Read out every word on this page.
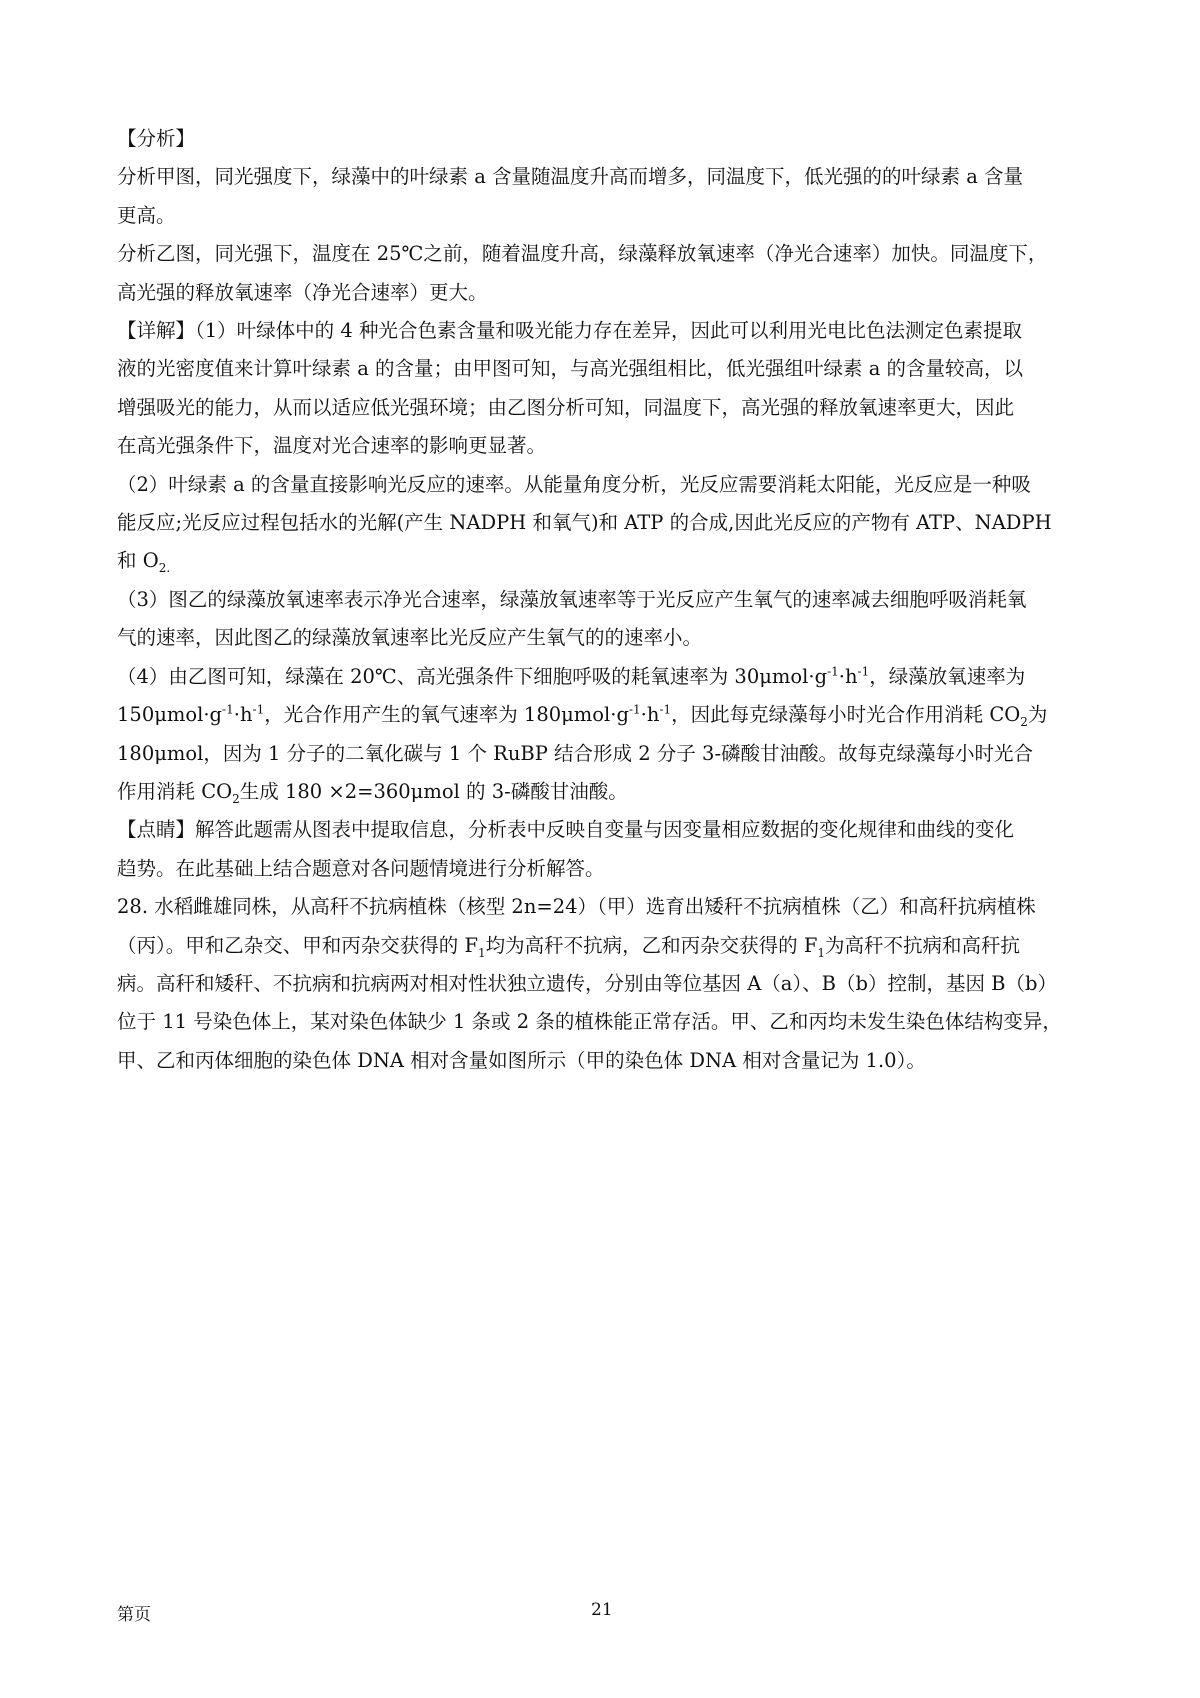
【分析】
分析甲图，同光强度下，绿藻中的叶绿素 a 含量随温度升高而增多，同温度下，低光强的的叶绿素 a 含量
更高。
分析乙图，同光强下，温度在 25℃之前，随着温度升高，绿藻释放氧速率（净光合速率）加快。同温度下，
高光强的释放氧速率（净光合速率）更大。
【详解】（1）叶绿体中的 4 种光合色素含量和吸光能力存在差异，因此可以利用光电比色法测定色素提取
液的光密度值来计算叶绿素 a 的含量；由甲图可知，与高光强组相比，低光强组叶绿素 a 的含量较高，以
增强吸光的能力，从而以适应低光强环境；由乙图分析可知，同温度下，高光强的释放氧速率更大，因此
在高光强条件下，温度对光合速率的影响更显著。
（2）叶绿素 a 的含量直接影响光反应的速率。从能量角度分析，光反应需要消耗太阳能，光反应是一种吸
能反应;光反应过程包括水的光解(产生 NADPH 和氧气)和 ATP 的合成,因此光反应的产物有 ATP、NADPH
和 $O_{2.}$
（3）图乙的绿藻放氧速率表示净光合速率，绿藻放氧速率等于光反应产生氧气的速率减去细胞呼吸消耗氧
气的速率，因此图乙的绿藻放氧速率比光反应产生氧气的的速率小。
（4）由乙图可知，绿藻在 20℃、高光强条件下细胞呼吸的耗氧速率为 $30\mu mol\cdot g^{-1}\cdot h^{-1}$，绿藻放氧速率为
$150\mu mol\cdot g^{-1}\cdot h^{-1}$，光合作用产生的氧气速率为 $180\mu mol\cdot g^{-1}\cdot h^{-1}$，因此每克绿藻每小时光合作用消耗 $CO_2$为
180μmol，因为 1 分子的二氧化碳与 1 个 RuBP 结合形成 2 分子 3-磷酸甘油酸。故每克绿藻每小时光合
作用消耗 $CO_2$生成 180 ×2=360μmol 的 3-磷酸甘油酸。
【点睛】解答此题需从图表中提取信息，分析表中反映自变量与因变量相应数据的变化规律和曲线的变化
趋势。在此基础上结合题意对各问题情境进行分析解答。
28. 水稻雌雄同株，从高秆不抗病植株（核型 2n=24）（甲）选育出矮秆不抗病植株（乙）和高秆抗病植株
（丙）。甲和乙杂交、甲和丙杂交获得的 $F_1$均为高秆不抗病，乙和丙杂交获得的 $F_1$为高秆不抗病和高秆抗
病。高秆和矮秆、不抗病和抗病两对相对性状独立遗传，分别由等位基因 A（a）、B（b）控制，基因 B（b）
位于 11 号染色体上，某对染色体缺少 1 条或 2 条的植株能正常存活。甲、乙和丙均未发生染色体结构变异，
甲、乙和丙体细胞的染色体 DNA 相对含量如图所示（甲的染色体 DNA 相对含量记为 1.0）。
第页	21
